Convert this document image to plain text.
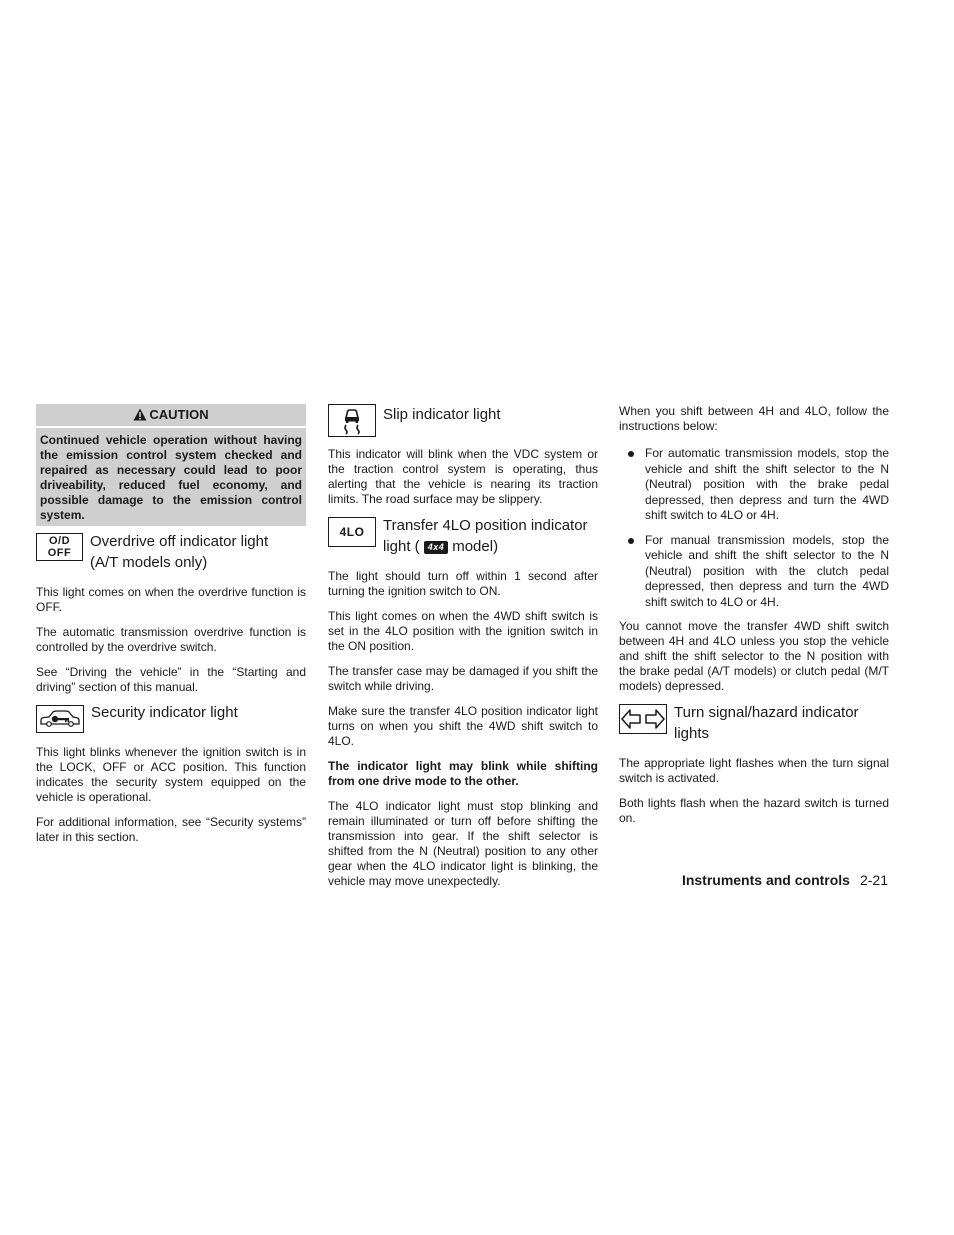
CAUTION
Continued vehicle operation without having the emission control system checked and repaired as necessary could lead to poor driveability, reduced fuel economy, and possible damage to the emission control system.
O/D
OFF
Overdrive off indicator light
(A/T models only)

This light comes on when the overdrive function is OFF.

The automatic transmission overdrive function is controlled by the overdrive switch.

See “Driving the vehicle” in the “Starting and driving” section of this manual.

Security indicator light

This light blinks whenever the ignition switch is in the LOCK, OFF or ACC position. This function indicates the security system equipped on the vehicle is operational.

For additional information, see “Security systems” later in this section.

Slip indicator light

This indicator will blink when the VDC system or the traction control system is operating, thus alerting that the vehicle is nearing its traction limits. The road surface may be slippery.

4LO Transfer 4LO position indicator
light ( 4x4 model)

The light should turn off within 1 second after turning the ignition switch to ON.

This light comes on when the 4WD shift switch is set in the 4LO position with the ignition switch in the ON position.

The transfer case may be damaged if you shift the switch while driving.

Make sure the transfer 4LO position indicator light turns on when you shift the 4WD shift switch to 4LO.

The indicator light may blink while shifting from one drive mode to the other.

The 4LO indicator light must stop blinking and remain illuminated or turn off before shifting the transmission into gear. If the shift selector is shifted from the N (Neutral) position to any other gear when the 4LO indicator light is blinking, the vehicle may move unexpectedly.

When you shift between 4H and 4LO, follow the instructions below:

For automatic transmission models, stop the vehicle and shift the shift selector to the N (Neutral) position with the brake pedal depressed, then depress and turn the 4WD shift switch to 4LO or 4H.
For manual transmission models, stop the vehicle and shift the shift selector to the N (Neutral) position with the clutch pedal depressed, then depress and turn the 4WD shift switch to 4LO or 4H.

You cannot move the transfer 4WD shift switch between 4H and 4LO unless you stop the vehicle and shift the shift selector to the N position with the brake pedal (A/T models) or clutch pedal (M/T models) depressed.

Turn signal/hazard indicator
lights

The appropriate light flashes when the turn signal switch is activated.

Both lights flash when the hazard switch is turned on.

Instruments and controls 2-21
